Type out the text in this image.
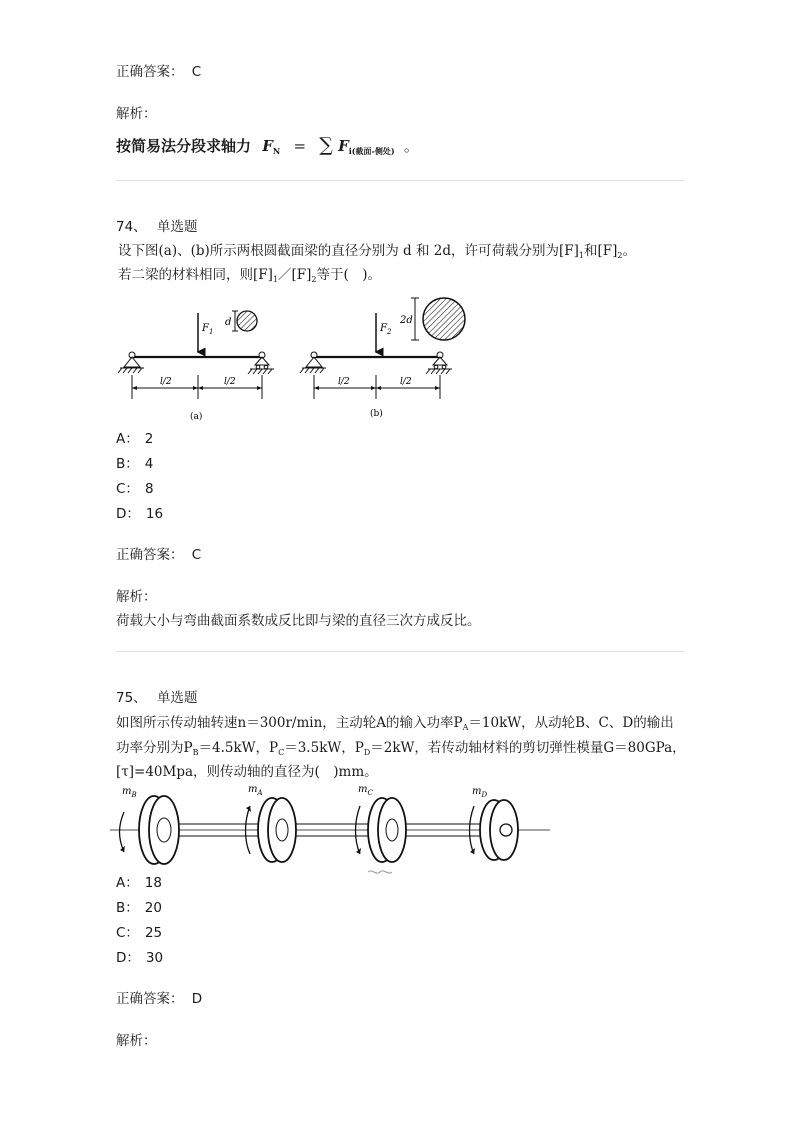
正确答案： C
解析：
按简易法分段求轴力 $F_N$ = ∑ $F_{i(截面-侧处)}$ 。
74、 单选题
设下图(a)、(b)所示两根圆截面梁的直径分别为 d 和 2d，许可荷载分别为$[F]_1$和$[F]_2$。
若二梁的材料相同，则$[F]_1/[F]_2$等于(　)。
$F_1$
d
l/2	l/2
(a)
$F_2$
2d
l/2	l/2
(b)
A： 2
B： 4
C： 8
D： 16
正确答案： C
解析：
荷载大小与弯曲截面系数成反比即与梁的直径三次方成反比。
75、 单选题
如图所示传动轴转速n＝300r/min，主动轮A的输入功率$P_A=10kW$，从动轮B、C、D的输出
功率分别为$P_B=4.5kW$，$P_C=3.5kW$，$P_D=2kW$，若传动轴材料的剪切弹性模量G＝80GPa，
[τ]=40Mpa，则传动轴的直径为(　)mm。
$m_B$	$m_A$	$m_C$	$m_D$
A： 18
B： 20
C： 25
D： 30
正确答案： D
解析：
